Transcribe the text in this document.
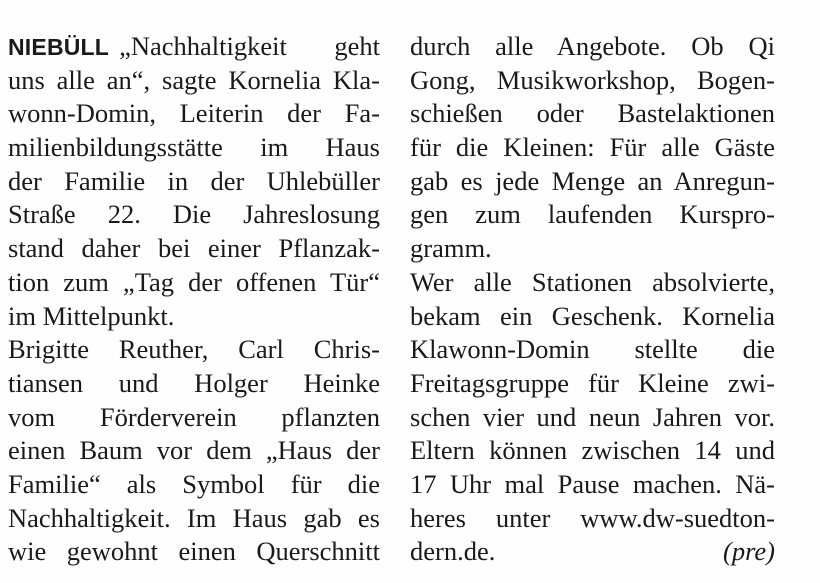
NIEBÜLL „Nachhaltigkeit geht
uns alle an“, sagte Kornelia Kla-
wonn-Domin, Leiterin der Fa-
milienbildungsstätte im Haus
der Familie in der Uhlebüller
Straße 22. Die Jahreslosung
stand daher bei einer Pflanzak-
tion zum „Tag der offenen Tür“
im Mittelpunkt.
Brigitte Reuther, Carl Chris-
tiansen und Holger Heinke
vom Förderverein pflanzten
einen Baum vor dem „Haus der
Familie“ als Symbol für die
Nachhaltigkeit. Im Haus gab es
wie gewohnt einen Querschnitt
durch alle Angebote. Ob Qi
Gong, Musikworkshop, Bogen-
schießen oder Bastelaktionen
für die Kleinen: Für alle Gäste
gab es jede Menge an Anregun-
gen zum laufenden Kurspro-
gramm.
Wer alle Stationen absolvierte,
bekam ein Geschenk. Kornelia
Klawonn-Domin stellte die
Freitagsgruppe für Kleine zwi-
schen vier und neun Jahren vor.
Eltern können zwischen 14 und
17 Uhr mal Pause machen. Nä-
heres unter www.dw-suedton-
dern.de.	(pre)
